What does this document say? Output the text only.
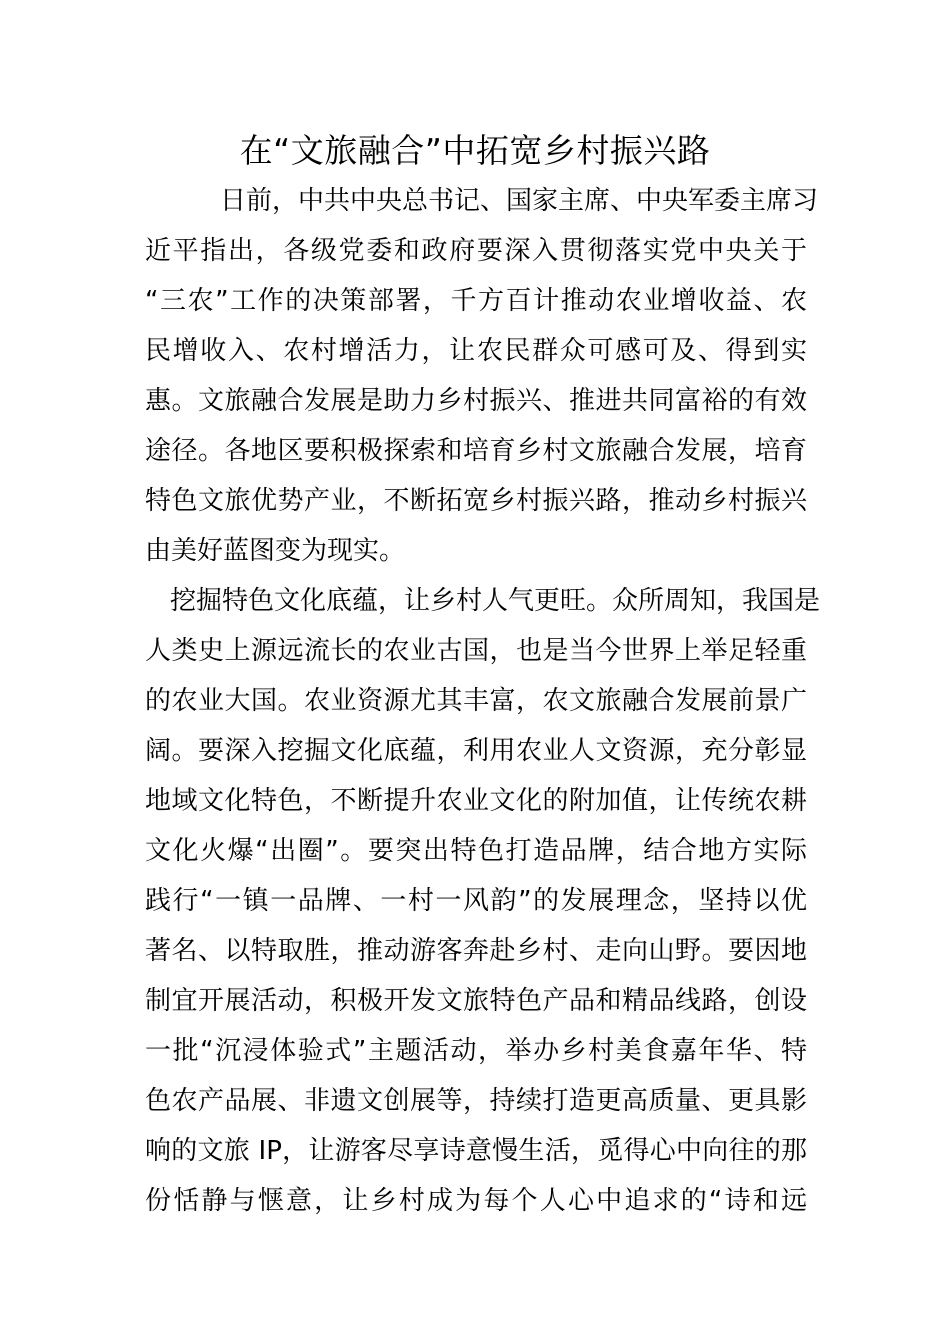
在“文旅融合”中拓宽乡村振兴路
日前，中共中央总书记、国家主席、中央军委主席习
近平指出，各级党委和政府要深入贯彻落实党中央关于
“三农”工作的决策部署，千方百计推动农业增收益、农
民增收入、农村增活力，让农民群众可感可及、得到实
惠。文旅融合发展是助力乡村振兴、推进共同富裕的有效
途径。各地区要积极探索和培育乡村文旅融合发展，培育
特色文旅优势产业，不断拓宽乡村振兴路，推动乡村振兴
由美好蓝图变为现实。
挖掘特色文化底蕴，让乡村人气更旺。众所周知，我国是
人类史上源远流长的农业古国，也是当今世界上举足轻重
的农业大国。农业资源尤其丰富，农文旅融合发展前景广
阔。要深入挖掘文化底蕴，利用农业人文资源，充分彰显
地域文化特色，不断提升农业文化的附加值，让传统农耕
文化火爆“出圈”。要突出特色打造品牌，结合地方实际
践行“一镇一品牌、一村一风韵”的发展理念，坚持以优
著名、以特取胜，推动游客奔赴乡村、走向山野。要因地
制宜开展活动，积极开发文旅特色产品和精品线路，创设
一批“沉浸体验式”主题活动，举办乡村美食嘉年华、特
色农产品展、非遗文创展等，持续打造更高质量、更具影
响的文旅 IP，让游客尽享诗意慢生活，觅得心中向往的那
份恬静与惬意，让乡村成为每个人心中追求的“诗和远
